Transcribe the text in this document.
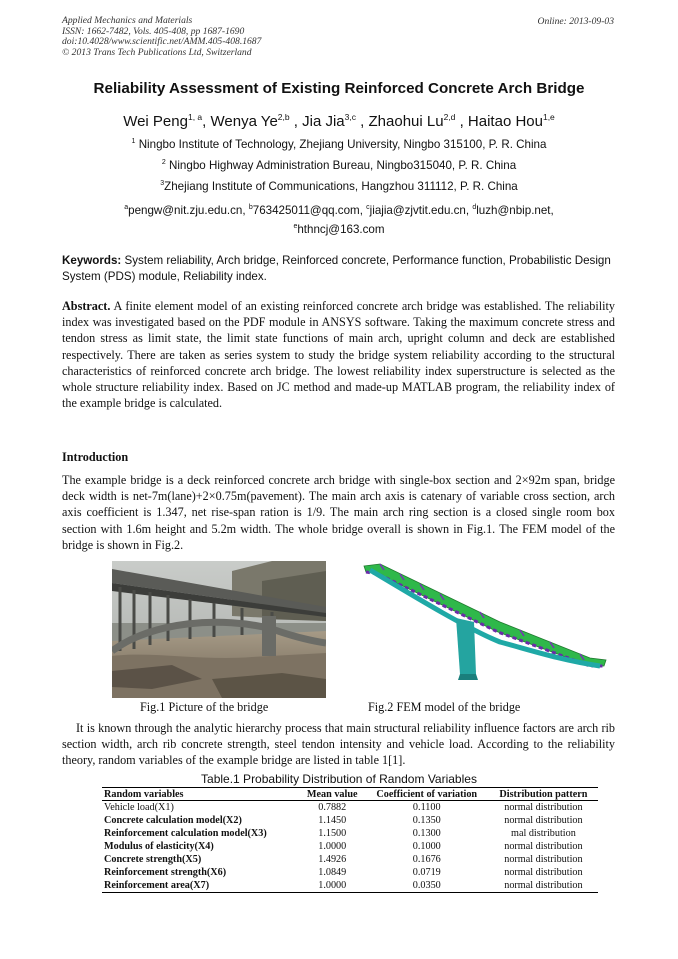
Applied Mechanics and Materials
ISSN: 1662-7482, Vols. 405-408, pp 1687-1690
doi:10.4028/www.scientific.net/AMM.405-408.1687
© 2013 Trans Tech Publications Ltd, Switzerland
Online: 2013-09-03
Reliability Assessment of Existing Reinforced Concrete Arch Bridge
Wei Peng$^{1, a}$, Wenya Ye$^{2,b}$ , Jia Jia$^{3,c}$ , Zhaohui Lu$^{2,d}$ , Haitao Hou$^{1,e}$
$^1$ Ningbo Institute of Technology, Zhejiang University, Ningbo 315100, P. R. China
$^2$ Ningbo Highway Administration Bureau, Ningbo315040, P. R. China
$^3$Zhejiang Institute of Communications, Hangzhou 311112, P. R. China
$^a$pengw@nit.zju.edu.cn, $^b$763425011@qq.com, $^c$jiajia@zjvtit.edu.cn, $^d$luzh@nbip.net,
$^e$hthncj@163.com
Keywords: System reliability, Arch bridge, Reinforced concrete, Performance function, Probabilistic Design System (PDS) module, Reliability index.
Abstract. A finite element model of an existing reinforced concrete arch bridge was established. The reliability index was investigated based on the PDF module in ANSYS software. Taking the maximum concrete stress and tendon stress as limit state, the limit state functions of main arch, upright column and deck are established respectively. There are taken as series system to study the bridge system reliability according to the structural characteristics of reinforced concrete arch bridge. The lowest reliability index superstructure is selected as the whole structure reliability index. Based on JC method and made-up MATLAB program, the reliability index of the example bridge is calculated.
Introduction
The example bridge is a deck reinforced concrete arch bridge with single-box section and 2×92m span, bridge deck width is net-7m(lane)+2×0.75m(pavement). The main arch axis is catenary of variable cross section, arch axis coefficient is 1.347, net rise-span ration is 1/9. The main arch ring section is a closed single room box section with 1.6m height and 5.2m width. The whole bridge overall is shown in Fig.1. The FEM model of the bridge is shown in Fig.2.
Fig.1 Picture of the bridge	Fig.2 FEM model of the bridge
It is known through the analytic hierarchy process that main structural reliability influence factors are arch rib section width, arch rib concrete strength, steel tendon intensity and vehicle load. According to the reliability theory, random variables of the example bridge are listed in table 1[1].
Table.1 Probability Distribution of Random Variables
Random variables	Mean value	Coefficient of variation	Distribution pattern
Vehicle load(X1)	0.7882	0.1100	normal distribution
Concrete calculation model(X2)	1.1450	0.1350	normal distribution
Reinforcement calculation model(X3)	1.1500	0.1300	mal distribution
Modulus of elasticity(X4)	1.0000	0.1000	normal distribution
Concrete strength(X5)	1.4926	0.1676	normal distribution
Reinforcement strength(X6)	1.0849	0.0719	normal distribution
Reinforcement area(X7)	1.0000	0.0350	normal distribution
